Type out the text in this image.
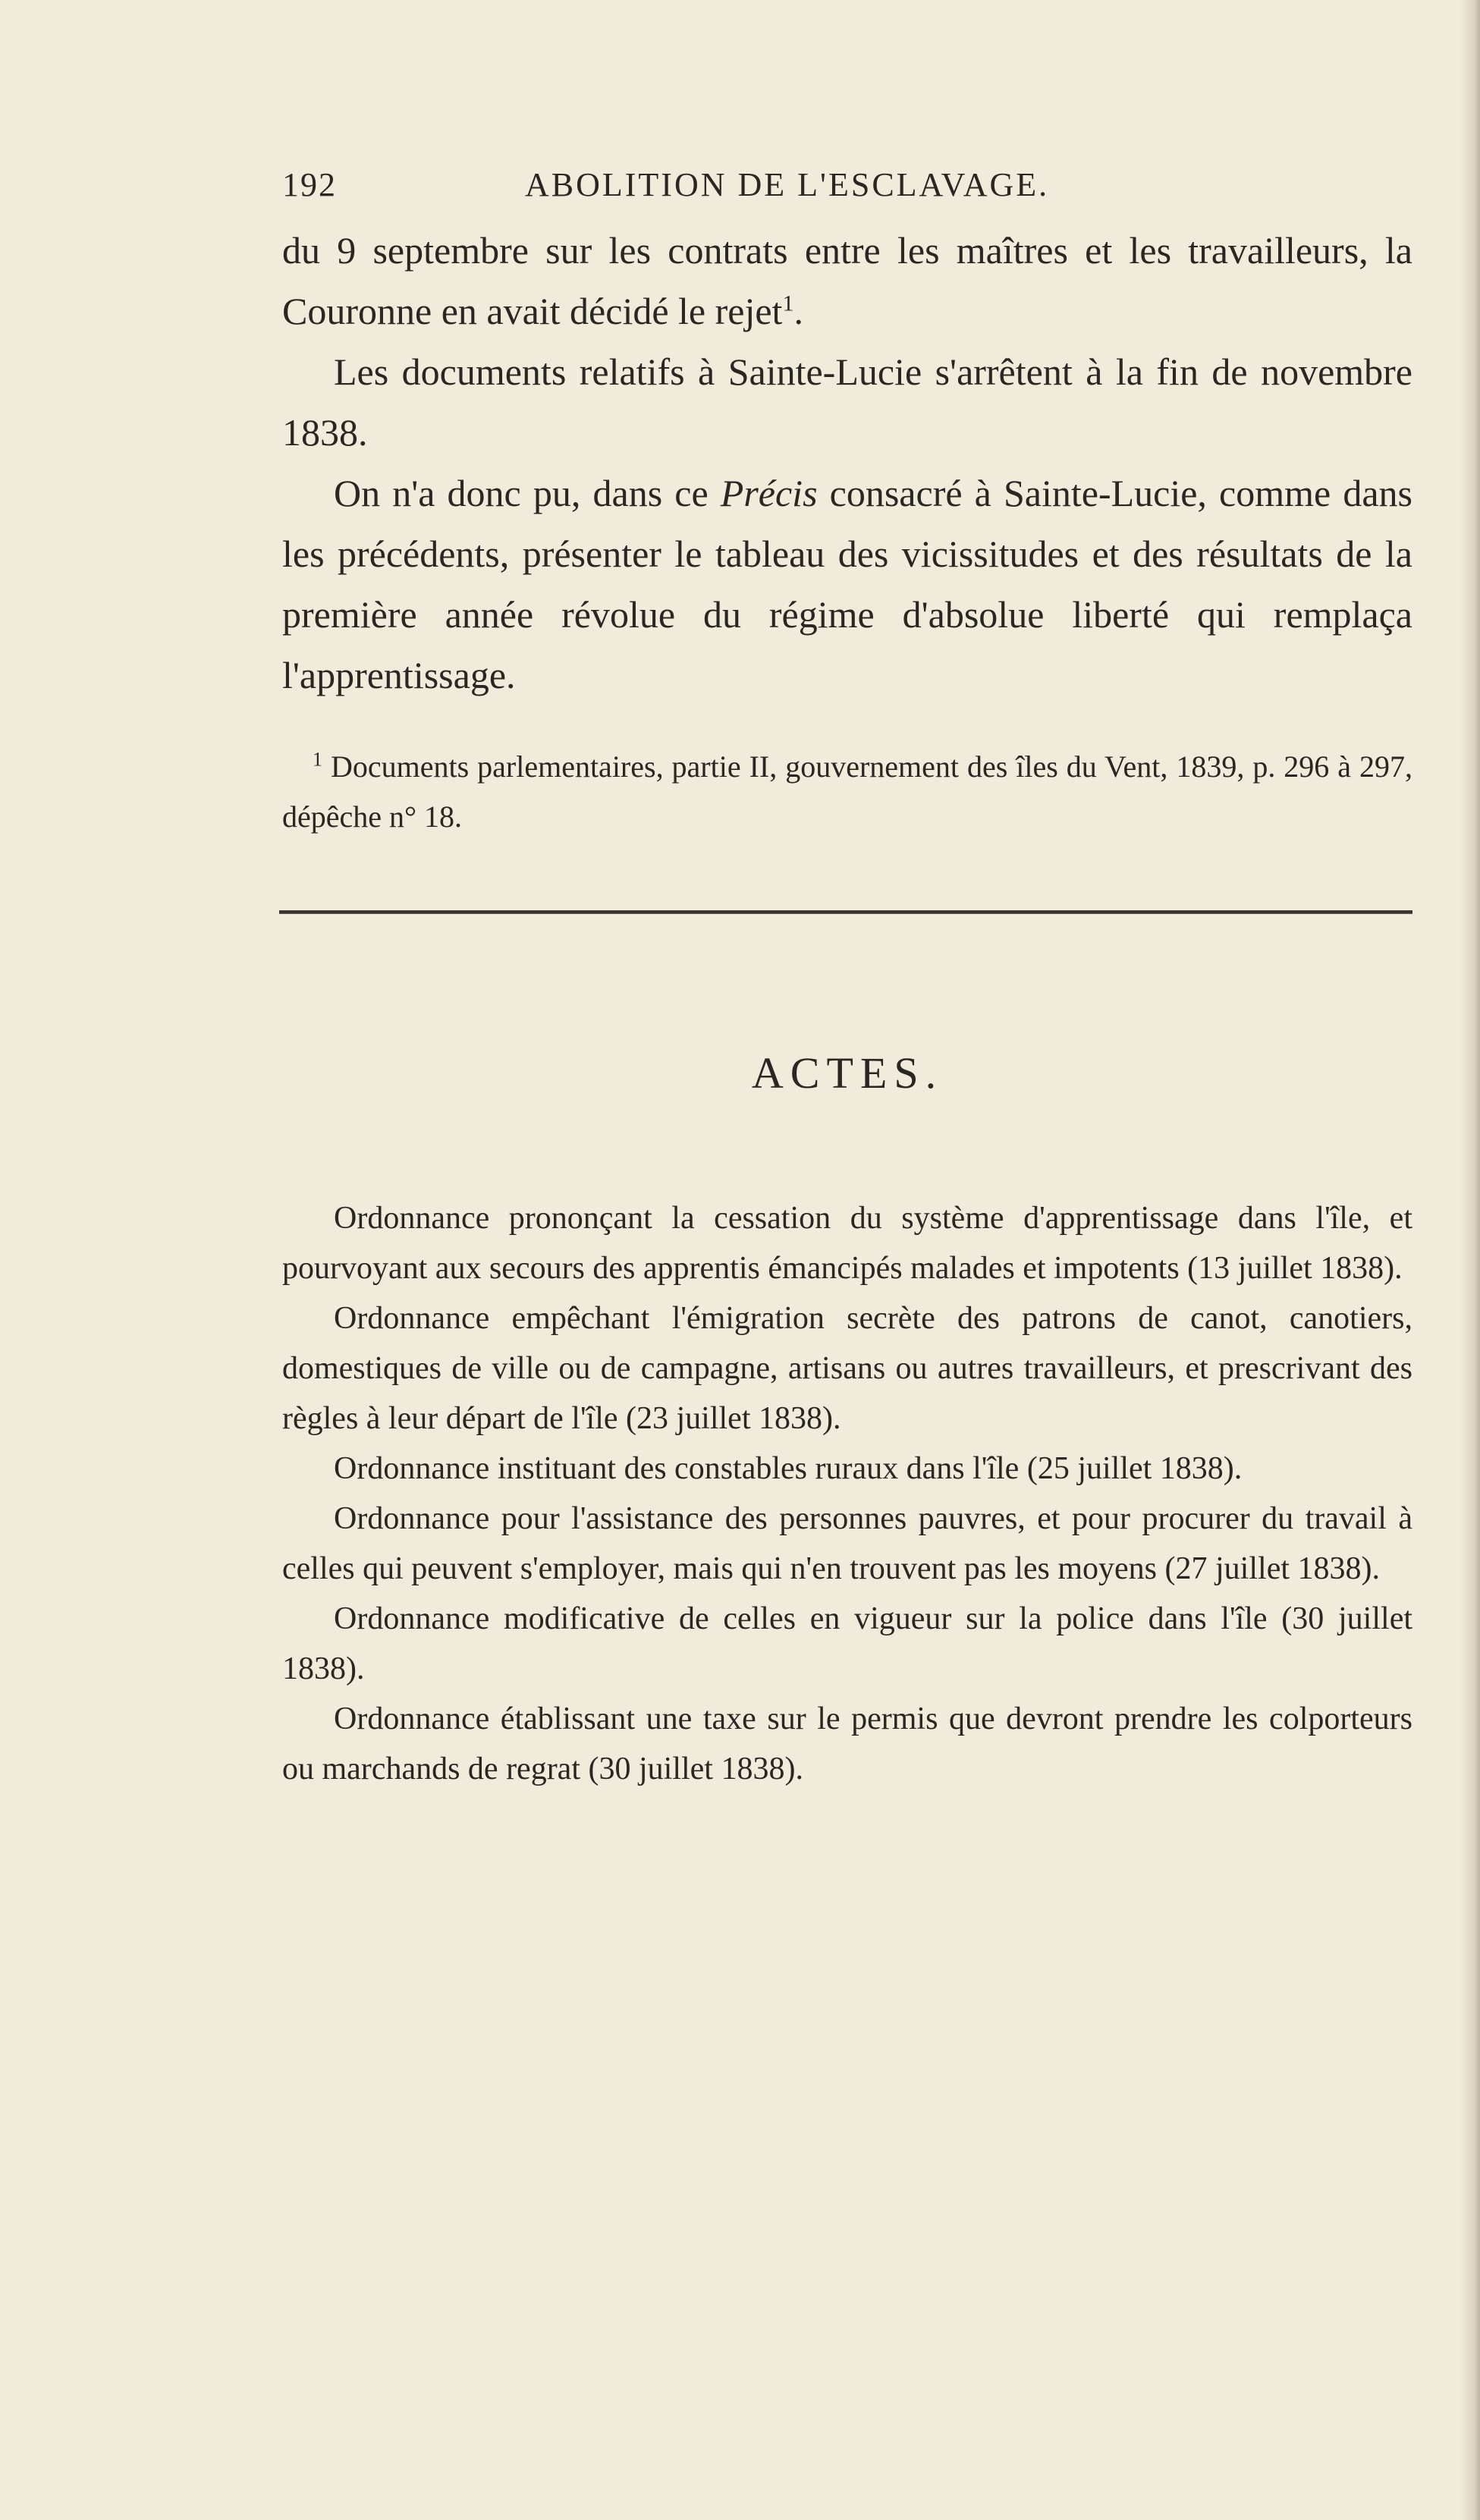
192	ABOLITION DE L'ESCLAVAGE.

du 9 septembre sur les contrats entre les maîtres et les travailleurs, la Couronne en avait décidé le rejet$^1$.

Les documents relatifs à Sainte-Lucie s'arrêtent à la fin de novembre 1838.

On n'a donc pu, dans ce Précis consacré à Sainte-Lucie, comme dans les précédents, présenter le tableau des vicissitudes et des résultats de la première année révolue du régime d'absolue liberté qui remplaça l'apprentissage.

$^1$ Documents parlementaires, partie II, gouvernement des îles du Vent, 1839, p. 296 à 297, dépêche n° 18.
ACTES.

Ordonnance prononçant la cessation du système d'apprentissage dans l'île, et pourvoyant aux secours des apprentis émancipés malades et impotents (13 juillet 1838).

Ordonnance empêchant l'émigration secrète des patrons de canot, canotiers, domestiques de ville ou de campagne, artisans ou autres travailleurs, et prescrivant des règles à leur départ de l'île (23 juillet 1838).

Ordonnance instituant des constables ruraux dans l'île (25 juillet 1838).

Ordonnance pour l'assistance des personnes pauvres, et pour procurer du travail à celles qui peuvent s'employer, mais qui n'en trouvent pas les moyens (27 juillet 1838).

Ordonnance modificative de celles en vigueur sur la police dans l'île (30 juillet 1838).

Ordonnance établissant une taxe sur le permis que devront prendre les colporteurs ou marchands de regrat (30 juillet 1838).
